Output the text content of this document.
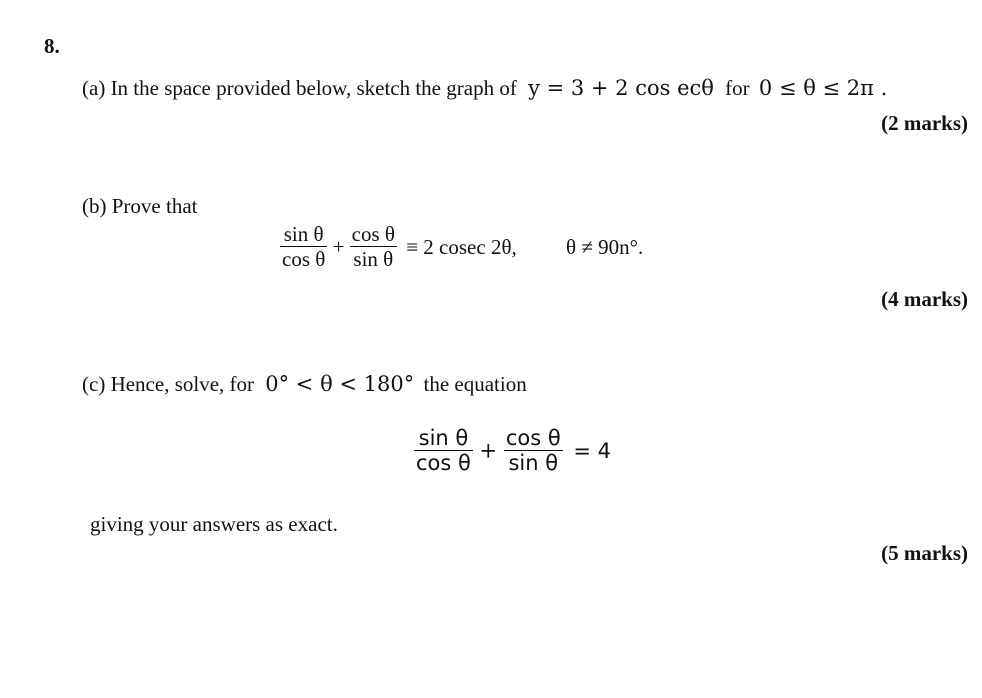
8.
(a) In the space provided below, sketch the graph of y = 3 + 2 cos ecθ for 0 ≤ θ ≤ 2π .
(2 marks)
(b) Prove that
$\frac{\text{sin θ}}{\text{cos θ}} + \frac{\text{cos θ}}{\text{sin θ}} \equiv 2$ cosec 2θ, θ ≠ 90n°.
(4 marks)
(c) Hence, solve, for 0° < θ < 180° the equation
$\frac{\text{sin θ}}{\text{cos θ}} + \frac{\text{cos θ}}{\text{sin θ}} = 4$
giving your answers as exact.
(5 marks)
